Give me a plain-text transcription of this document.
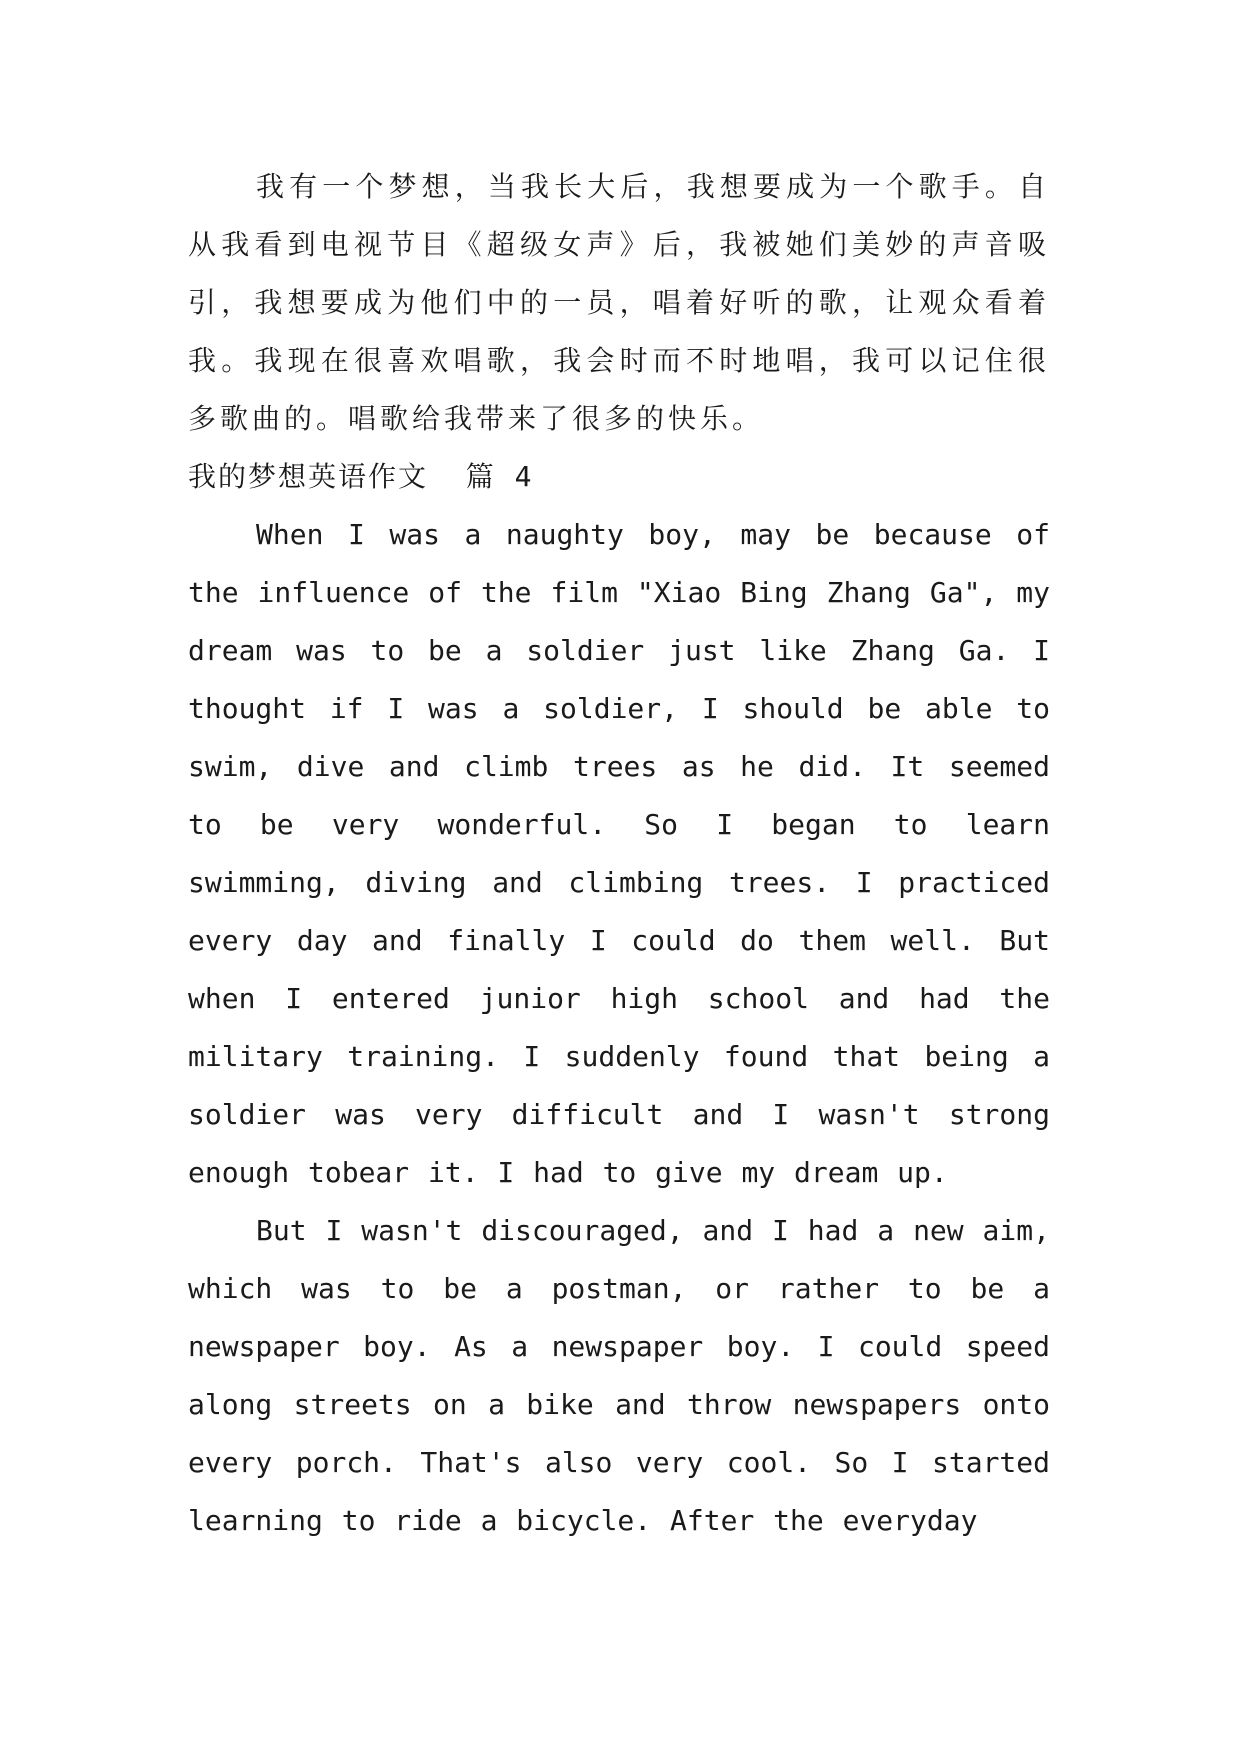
我有一个梦想，当我长大后，我想要成为一个歌手。自从我看到电视节目《超级女声》后，我被她们美妙的声音吸引，我想要成为他们中的一员，唱着好听的歌，让观众看着我。我现在很喜欢唱歌，我会时而不时地唱，我可以记住很多歌曲的。唱歌给我带来了很多的快乐。

我的梦想英语作文  篇 4

When I was a naughty boy, may be because of the influence of the film "Xiao Bing Zhang Ga", my dream was to be a soldier just like Zhang Ga. I thought if I was a soldier, I should be able to swim, dive and climb trees as he did. It seemed to be very wonderful. So I began to learn swimming, diving and climbing trees. I practiced every day and finally I could do them well. But when I entered junior high school and had the military training. I suddenly found that being a soldier was very difficult and I wasn't strong enough tobear it. I had to give my dream up.

But I wasn't discouraged, and I had a new aim, which was to be a postman, or rather to be a newspaper boy. As a newspaper boy. I could speed along streets on a bike and throw newspapers onto every porch. That's also very cool. So I started learning to ride a bicycle. After the everyday
